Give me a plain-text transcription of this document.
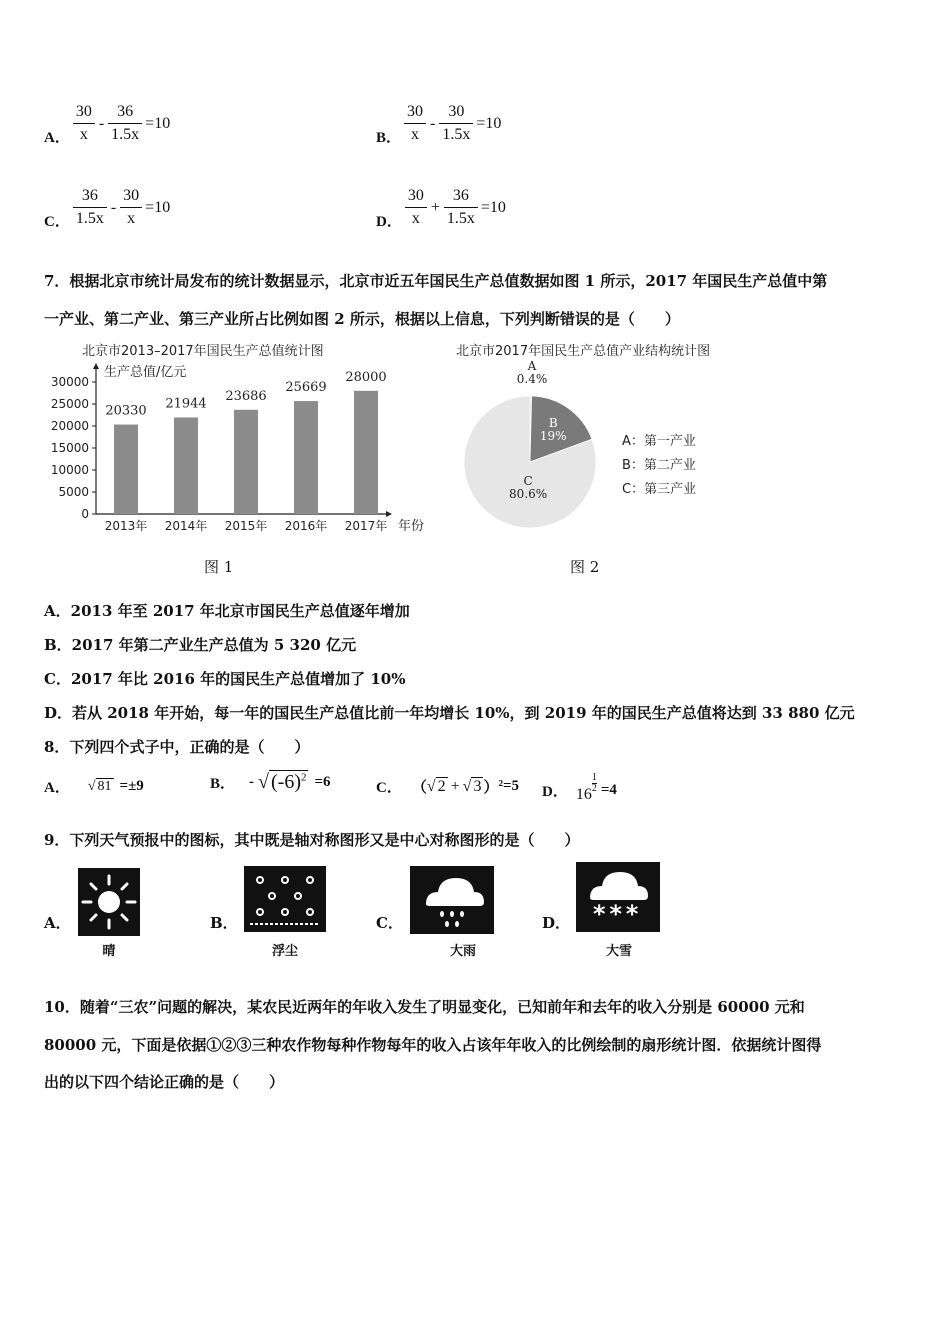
A． $\frac{30}{x} - \frac{36}{1.5x} =10$
B． $\frac{30}{x} - \frac{30}{1.5x} =10$
C． $\frac{36}{1.5x} - \frac{30}{x} =10$
D． $\frac{30}{x} + \frac{36}{1.5x} =10$
7．根据北京市统计局发布的统计数据显示，北京市近五年国民生产总值数据如图 1 所示，2017 年国民生产总值中第
一产业、第二产业、第三产业所占比例如图 2 所示，根据以上信息，下列判断错误的是（　　）
北京市2013–2017年国民生产总值统计图
生产总值/亿元
0
5000
10000
15000
20000
25000
30000
20330 21944
23686
25669
28000
2013年 2014年 2015年 2016年 2017年 年份
图 1
北京市2017年国民生产总值产业结构统计图
A
0.4%
B
19%
C
80.6%
A：第一产业
B：第二产业
C：第三产业
图 2
A．2013 年至 2017 年北京市国民生产总值逐年增加
B．2017 年第二产业生产总值为 5 320 亿元
C．2017 年比 2016 年的国民生产总值增加了 10%
D．若从 2018 年开始，每一年的国民生产总值比前一年均增长 10%，到 2019 年的国民生产总值将达到 33 880 亿元
8．下列四个式子中，正确的是（　　）
A． √ 81 =±9	B． - √ $(-6)^2 =6$	C． （ √ 2 + √ 3 ） ²=5 D． 16
$\frac{1}{2} =4$
9．下列天气预报中的图标，其中既是轴对称图形又是中心对称图形的是（　　）
A．
晴
B．
浮尘
C．
大雨
D． ***
大雪
10．随着“三农”问题的解决，某农民近两年的年收入发生了明显变化，已知前年和去年的收入分别是 60000 元和
80000 元，下面是依据①②③三种农作物每种作物每年的收入占该年年收入的比例绘制的扇形统计图．依据统计图得
出的以下四个结论正确的是（　　）
